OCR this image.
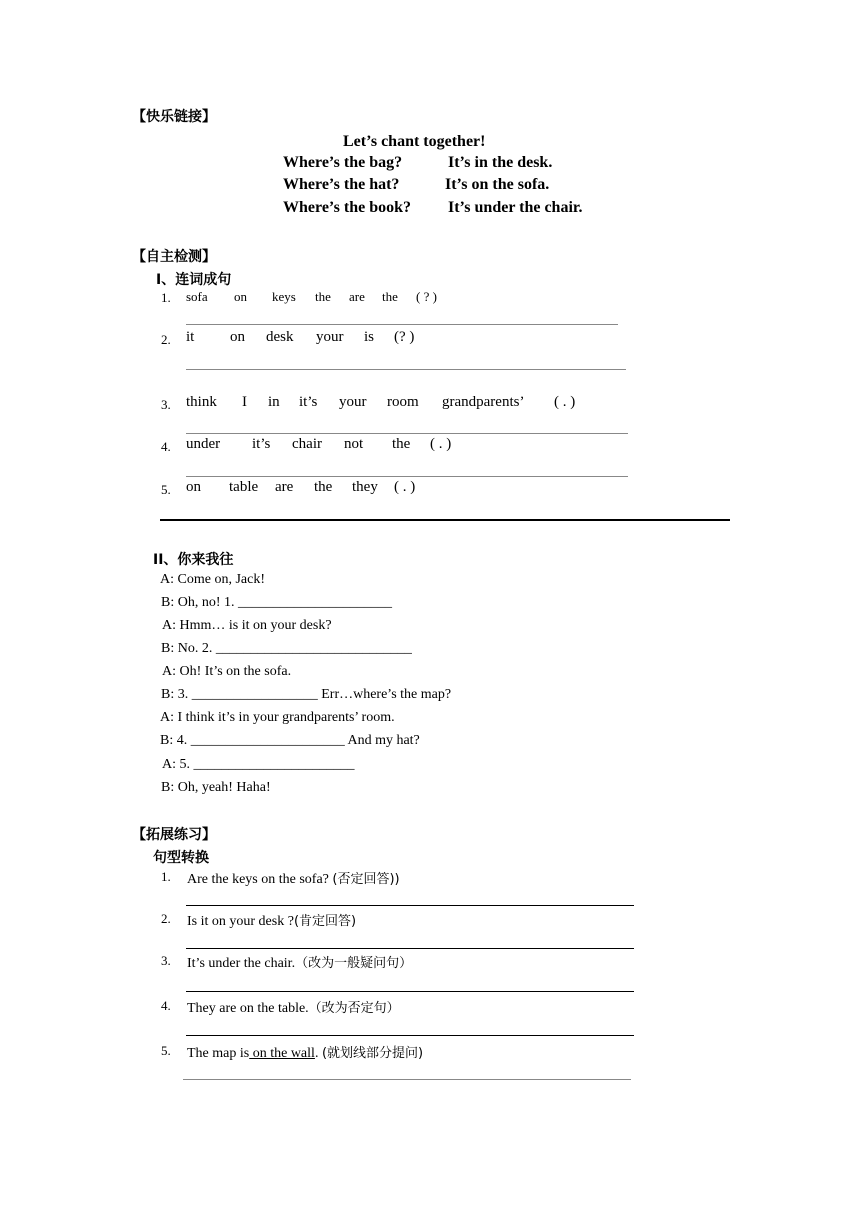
【快乐链接】
Let’s chant together!
Where’s the bag?	It’s in the desk.
Where’s the hat?	It’s on the sofa.
Where’s the book? It’s under the chair.
【自主检测】
Ⅰ、连词成句
1. sofa	on	keys	the	are	the	( ? )
2. it	on	desk	your	is	(? )
3. think	I	in	it’s	your	room	grandparents’	( . )
4. under	it’s	chair	not	the	( . )
5. on	table	are	the	they	( . )
II、你来我往
A: Come on, Jack!
B: Oh, no! 1. ______________________
A: Hmm… is it on your desk?
B: No. 2. ____________________________
A: Oh! It’s on the sofa.
B: 3. __________________ Err…where’s the map?
A: I think it’s in your grandparents’ room.
B: 4. ______________________ And my hat?
A: 5. _______________________
B: Oh, yeah! Haha!
【拓展练习】
句型转换
1. Are the keys on the sofa? (否定回答))
2. Is it on your desk ?(肯定回答)
3. It’s under the chair.（改为一般疑问句）
4. They are on the table.（改为否定句）
5. The map is on the wall. (就划线部分提问)
